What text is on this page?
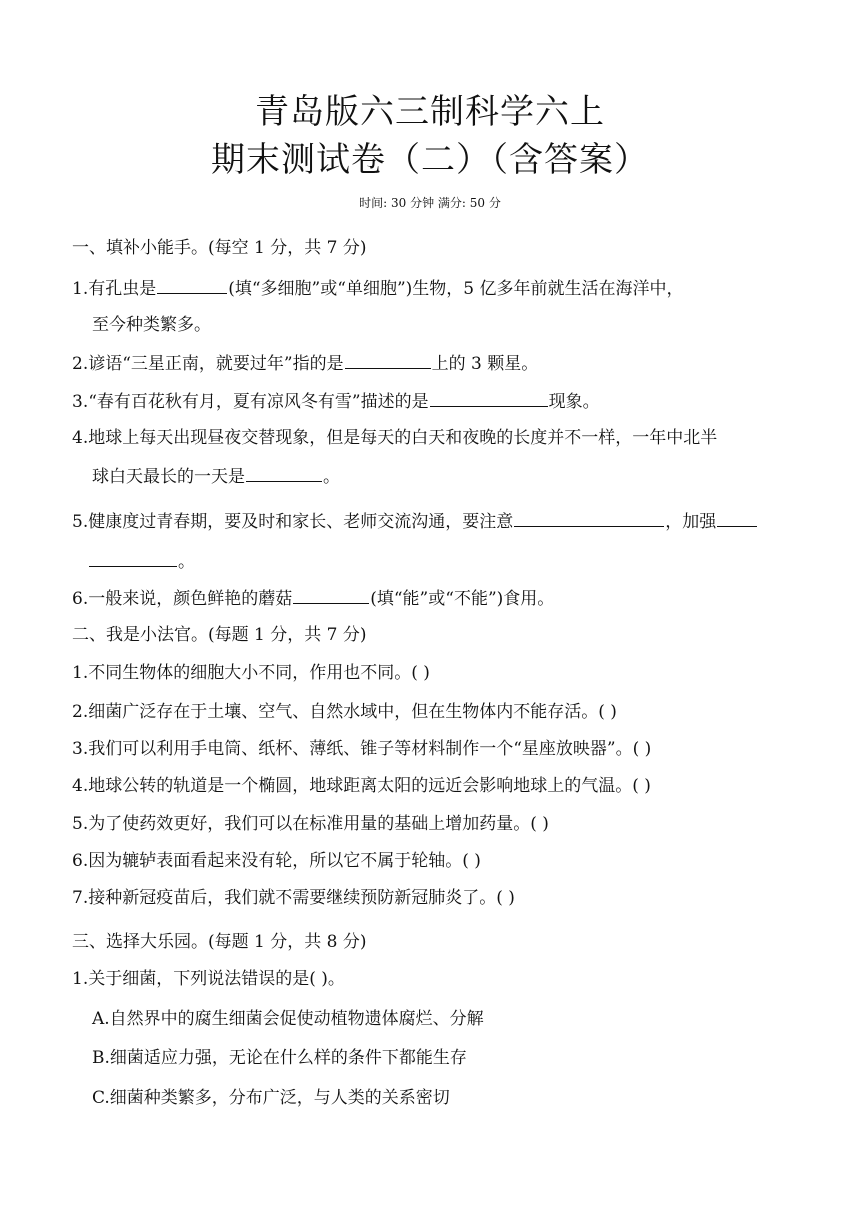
青岛版六三制科学六上
期末测试卷（二）（含答案）
时间: 30 分钟 满分: 50 分
一、填补小能手。(每空 1 分，共 7 分)
1.有孔虫是	(填“多细胞”或“单细胞”)生物，5 亿多年前就生活在海洋中，
至今种类繁多。
2.谚语“三星正南，就要过年”指的是	上的 3 颗星。
3.“春有百花秋有月，夏有凉风冬有雪”描述的是	现象。
4.地球上每天出现昼夜交替现象，但是每天的白天和夜晚的长度并不一样，一年中北半
球白天最长的一天是	。
5.健康度过青春期，要及时和家长、老师交流沟通，要注意	，加强
。
6.一般来说，颜色鲜艳的蘑菇	(填“能”或“不能”)食用。
二、我是小法官。(每题 1 分，共 7 分)
1.不同生物体的细胞大小不同，作用也不同。( )
2.细菌广泛存在于土壤、空气、自然水域中，但在生物体内不能存活。( )
3.我们可以利用手电筒、纸杯、薄纸、锥子等材料制作一个“星座放映器”。( )
4.地球公转的轨道是一个椭圆，地球距离太阳的远近会影响地球上的气温。( )
5.为了使药效更好，我们可以在标准用量的基础上增加药量。( )
6.因为辘轳表面看起来没有轮，所以它不属于轮轴。( )
7.接种新冠疫苗后，我们就不需要继续预防新冠肺炎了。( )
三、选择大乐园。(每题 1 分，共 8 分)
1.关于细菌，下列说法错误的是( )。
A.自然界中的腐生细菌会促使动植物遗体腐烂、分解
B.细菌适应力强，无论在什么样的条件下都能生存
C.细菌种类繁多，分布广泛，与人类的关系密切
